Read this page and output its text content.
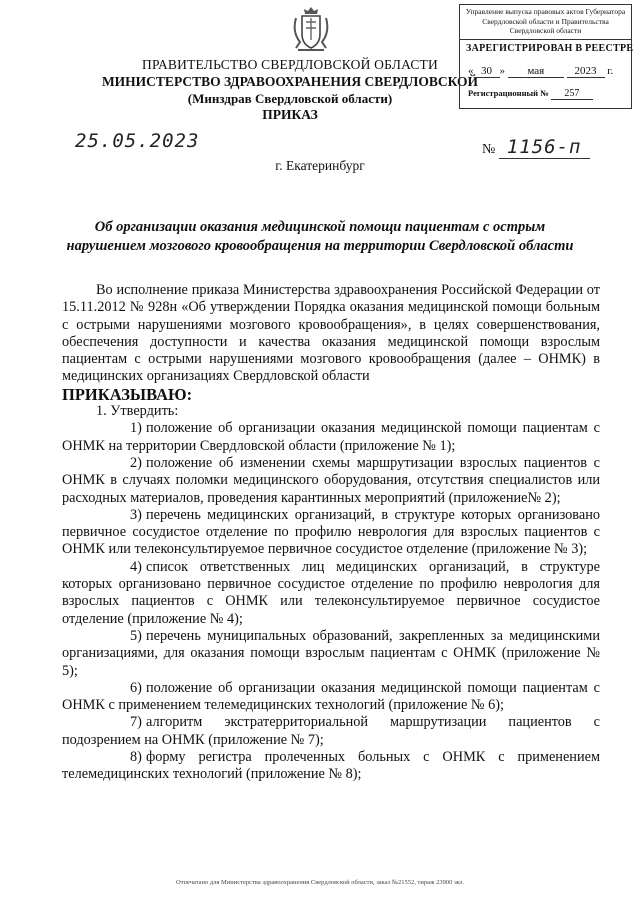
ПРАВИТЕЛЬСТВО СВЕРДЛОВСКОЙ ОБЛАСТИ
МИНИСТЕРСТВО ЗДРАВООХРАНЕНИЯ СВЕРДЛОВСКОЙ
(Минздрав Свердловской области)
ПРИКАЗ
Управление выпуска правовых актов Губернатора Свердловской области и Правительства Свердловской области
ЗАРЕГИСТРИРОВАН В РЕЕСТРЕ
« 30 » мая	2023 г.
Регистрационный № 257
25.05.2023
г. Екатеринбург
№ 1156-п
Об организации оказания медицинской помощи пациентам с острым нарушением мозгового кровообращения на территории Свердловской области

Во исполнение приказа Министерства здравоохранения Российской Федерации от 15.11.2012 № 928н «Об утверждении Порядка оказания медицинской помощи больным с острыми нарушениями мозгового кровообращения», в целях совершенствования, обеспечения доступности и качества оказания медицинской помощи взрослым пациентам с острыми нарушениями мозгового кровообращения (далее – ОНМК) в медицинских организациях Свердловской области

ПРИКАЗЫВАЮ:

1. Утвердить:

1) положение об организации оказания медицинской помощи пациентам с ОНМК на территории Свердловской области (приложение № 1);

2) положение об изменении схемы маршрутизации взрослых пациентов с ОНМК в случаях поломки медицинского оборудования, отсутствия специалистов или расходных материалов, проведения карантинных мероприятий (приложение№ 2);

3) перечень медицинских организаций, в структуре которых организовано первичное сосудистое отделение по профилю неврология для взрослых пациентов с ОНМК или телеконсультируемое первичное сосудистое отделение (приложение № 3);

4) список ответственных лиц медицинских организаций, в структуре которых организовано первичное сосудистое отделение по профилю неврология для взрослых пациентов с ОНМК или телеконсультируемое первичное сосудистое отделение (приложение № 4);

5) перечень муниципальных образований, закрепленных за медицинскими организациями, для оказания помощи взрослым пациентам с ОНМК (приложение № 5);

6) положение об организации оказания медицинской помощи пациентам с ОНМК с применением телемедицинских технологий (приложение № 6);

7) алгоритм экстратерриториальной маршрутизации пациентов с подозрением на ОНМК (приложение № 7);

8) форму регистра пролеченных больных с ОНМК с применением телемедицинских технологий (приложение № 8);

Отпечатано для Министерства здравоохранения Свердловской области, заказ №21552, тираж 23900 экз.
